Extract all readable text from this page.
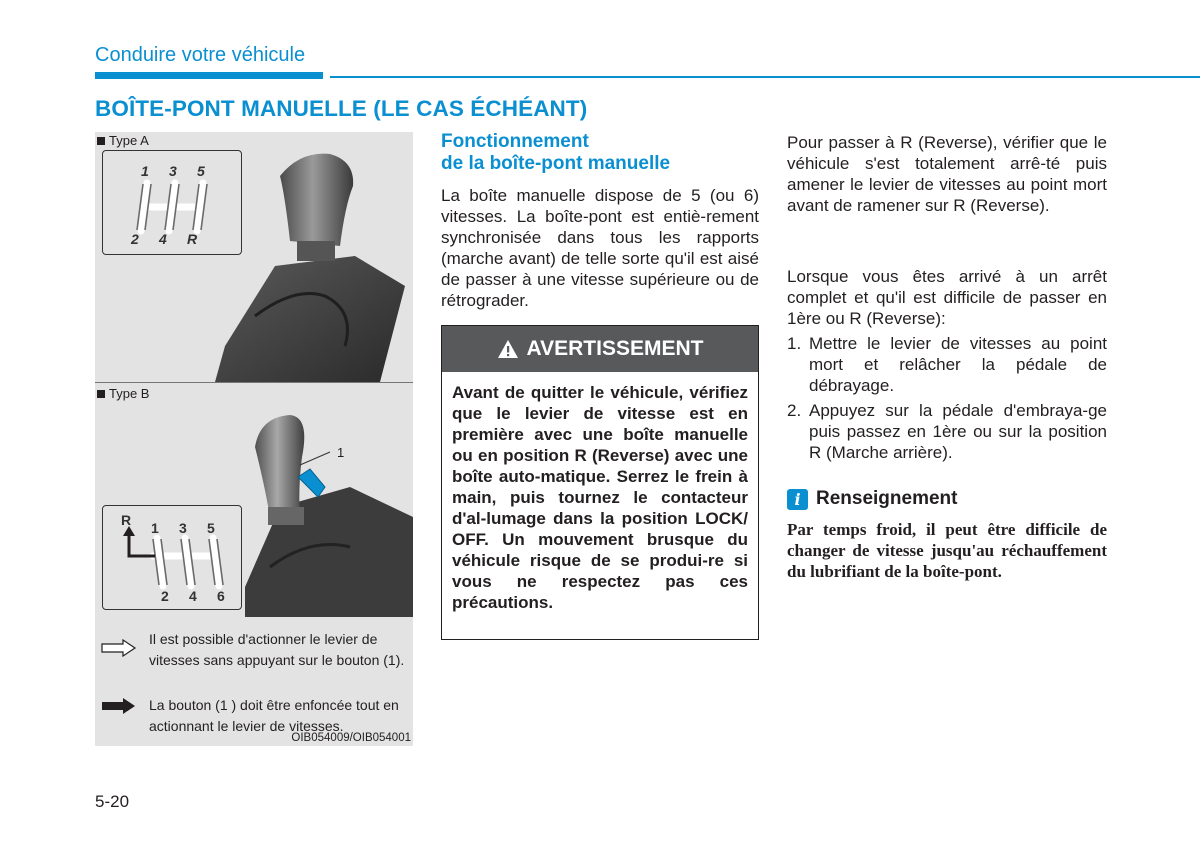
Conduire votre véhicule
BOÎTE-PONT MANUELLE (LE CAS ÉCHÉANT)
Type A
1 3 5
2 4 R
Type B
1
R 1 3 5
2 4 6
Il est possible d'actionner le levier de vitesses sans appuyant sur le bouton (1).
La bouton (1 ) doit être enfoncée tout en actionnant le levier de vitesses.
OIB054009/OIB054001
Fonctionnement
de la boîte-pont manuelle
La boîte manuelle dispose de 5 (ou 6) vitesses. La boîte-pont est entiè-rement synchronisée dans tous les rapports (marche avant) de telle sorte qu'il est aisé de passer à une vitesse supérieure ou de rétrograder.
AVERTISSEMENT
Avant de quitter le véhicule, vérifiez que le levier de vitesse est en première avec une boîte manuelle ou en position R (Reverse) avec une boîte auto-matique. Serrez le frein à main, puis tournez le contacteur d'al-lumage dans la position LOCK/ OFF. Un mouvement brusque du véhicule risque de se produi-re si vous ne respectez pas ces précautions.
Pour passer à R (Reverse), vérifier que le véhicule s'est totalement arrê-té puis amener le levier de vitesses au point mort avant de ramener sur R (Reverse).
Lorsque vous êtes arrivé à un arrêt complet et qu'il est difficile de passer en 1ère ou R (Reverse):
1. Mettre le levier de vitesses au point mort et relâcher la pédale de débrayage.
2. Appuyez sur la pédale d'embraya-ge puis passez en 1ère ou sur la position R (Marche arrière).
i Renseignement
Par temps froid, il peut être difficile de changer de vitesse jusqu'au réchauffement du lubrifiant de la boîte-pont.
5-20
